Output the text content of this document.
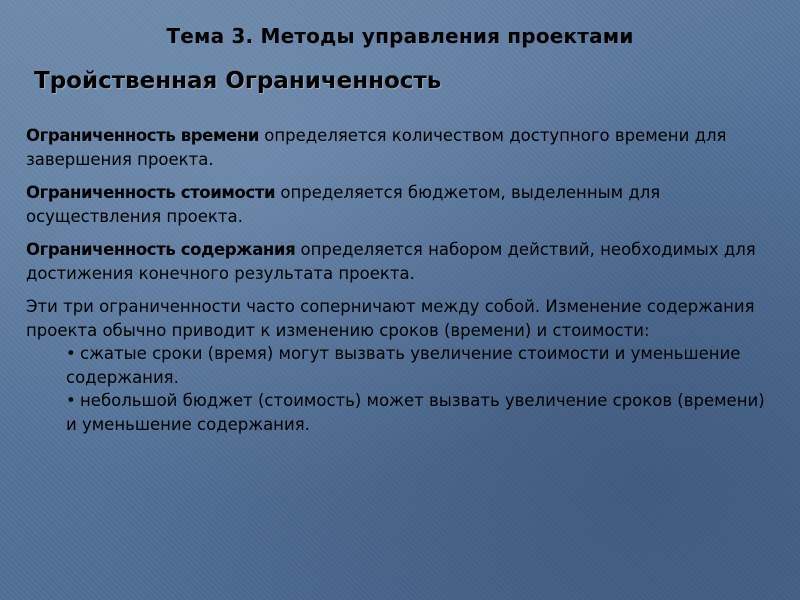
Тема 3. Методы управления проектами
Тройственная Ограниченность

Ограниченность времени определяется количеством доступного времени для завершения проекта.

Ограниченность стоимости определяется бюджетом, выделенным для осуществления проекта.

Ограниченность содержания определяется набором действий, необходимых для достижения конечного результата проекта.

Эти три ограниченности часто соперничают между собой. Изменение содержания проекта обычно приводит к изменению сроков (времени) и стоимости:

• сжатые сроки (время) могут вызвать увеличение стоимости и уменьшение содержания.
• небольшой бюджет (стоимость) может вызвать увеличение сроков (времени) и уменьшение содержания.
